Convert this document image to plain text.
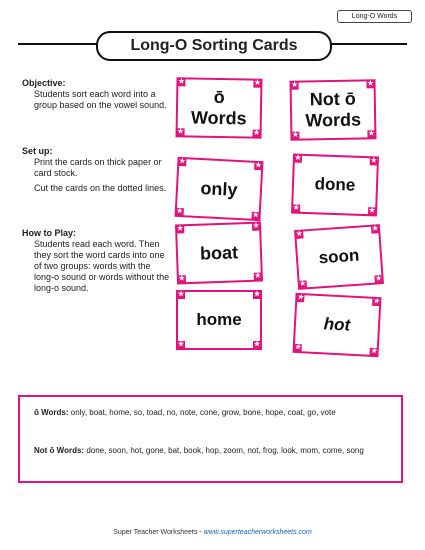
Long-O Words
Long-O Sorting Cards
Objective:
Students sort each word into a group based on the vowel sound.
Set up:
Print the cards on thick paper or card stock.
Cut the cards on the dotted lines.
How to Play:
Students read each word. Then they sort the word cards into one of two groups: words with the long-o sound or words without the long-o sound.
★	★
★	★
ō
Words
★
★
★
★
only
★	★
★	★
boat
★	★
★	★
home
★	★
★	★
Not ō
Words
★	★
★	★
done
★
★
★
★
soon
★
★
★
★
hot
ō Words: only, boat, home, so, toad, no, note, cone, grow, bone, hope, coat, go, vote
Not ō Words: done, soon, hot, gone, bat, book, hop, zoom, not, frog, look, mom, come, song
Super Teacher Worksheets - www.superteacherworksheets.com
